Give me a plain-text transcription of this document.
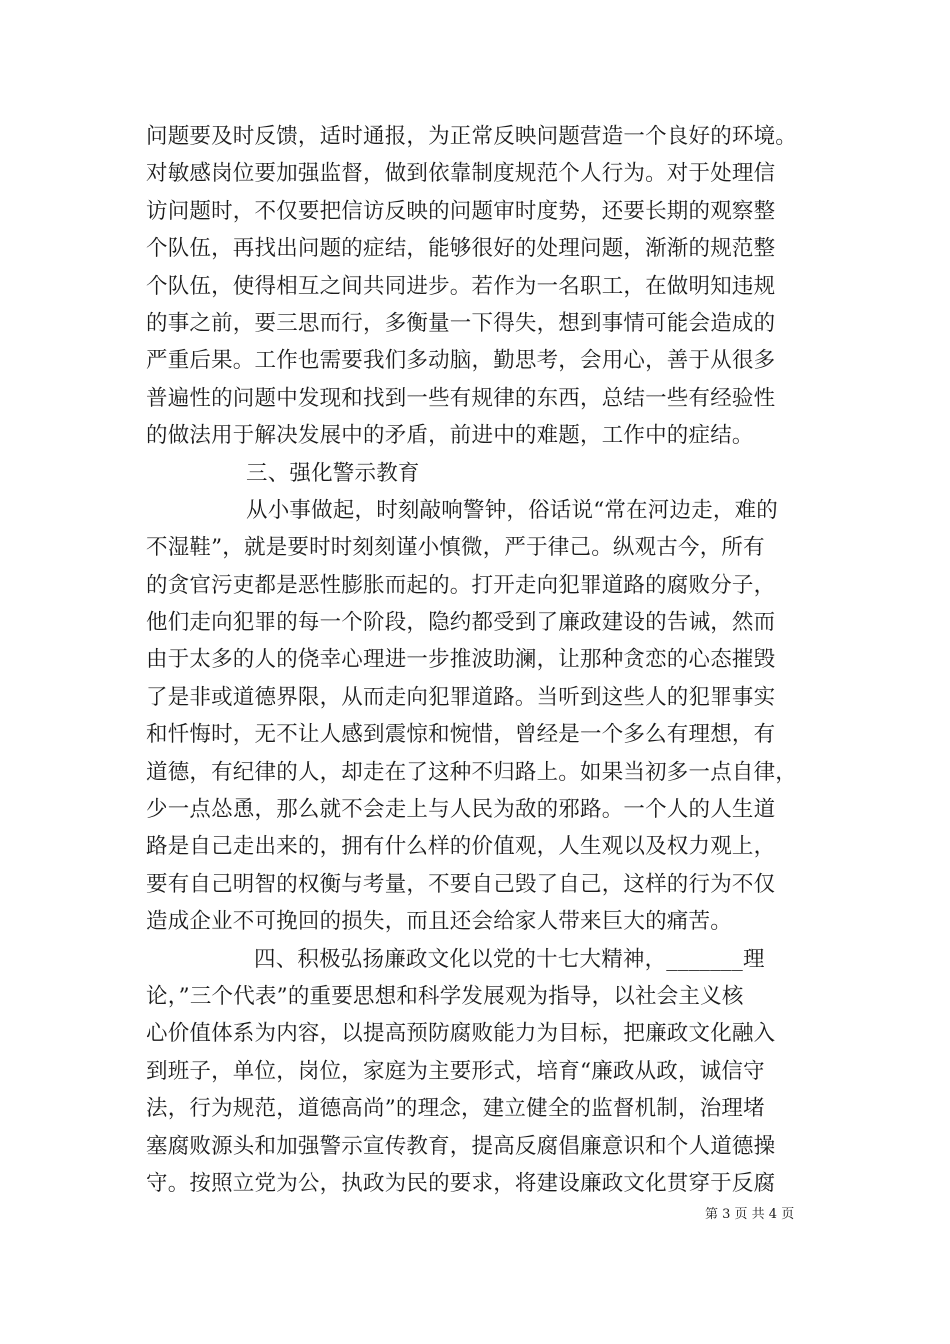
问题要及时反馈，适时通报，为正常反映问题营造一个良好的环境。
对敏感岗位要加强监督，做到依靠制度规范个人行为。对于处理信
访问题时，不仅要把信访反映的问题审时度势，还要长期的观察整
个队伍，再找出问题的症结，能够很好的处理问题，渐渐的规范整
个队伍，使得相互之间共同进步。若作为一名职工，在做明知违规
的事之前，要三思而行，多衡量一下得失，想到事情可能会造成的
严重后果。工作也需要我们多动脑，勤思考，会用心，善于从很多
普遍性的问题中发现和找到一些有规律的东西，总结一些有经验性
的做法用于解决发展中的矛盾，前进中的难题，工作中的症结。
三、强化警示教育
从小事做起，时刻敲响警钟，俗话说“常在河边走，难的
不湿鞋”，就是要时时刻刻谨小慎微，严于律己。纵观古今，所有
的贪官污吏都是恶性膨胀而起的。打开走向犯罪道路的腐败分子，
他们走向犯罪的每一个阶段，隐约都受到了廉政建设的告诫，然而
由于太多的人的侥幸心理进一步推波助澜，让那种贪恋的心态摧毁
了是非或道德界限，从而走向犯罪道路。当听到这些人的犯罪事实
和忏悔时，无不让人感到震惊和惋惜，曾经是一个多么有理想，有
道德，有纪律的人，却走在了这种不归路上。如果当初多一点自律，
少一点怂恿，那么就不会走上与人民为敌的邪路。一个人的人生道
路是自己走出来的，拥有什么样的价值观，人生观以及权力观上，
要有自己明智的权衡与考量，不要自己毁了自己，这样的行为不仅
造成企业不可挽回的损失，而且还会给家人带来巨大的痛苦。
四、积极弘扬廉政文化以党的十七大精神，_______理
论，”三个代表”的重要思想和科学发展观为指导，以社会主义核
心价值体系为内容，以提高预防腐败能力为目标，把廉政文化融入
到班子，单位，岗位，家庭为主要形式，培育“廉政从政，诚信守
法，行为规范，道德高尚”的理念，建立健全的监督机制，治理堵
塞腐败源头和加强警示宣传教育，提高反腐倡廉意识和个人道德操
守。按照立党为公，执政为民的要求，将建设廉政文化贯穿于反腐
第 3 页 共 4 页
